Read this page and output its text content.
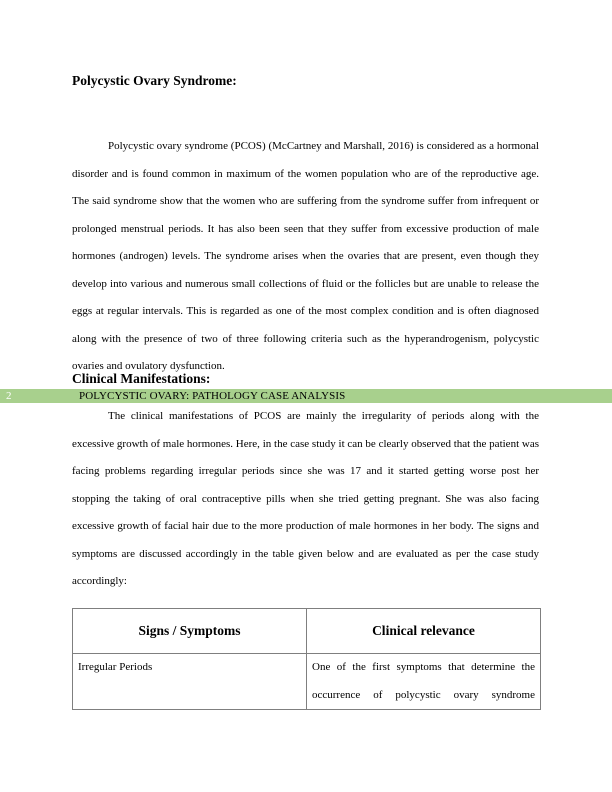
Polycystic Ovary Syndrome:

Polycystic ovary syndrome (PCOS) (McCartney and Marshall, 2016) is considered as a hormonal disorder and is found common in maximum of the women population who are of the reproductive age. The said syndrome show that the women who are suffering from the syndrome suffer from infrequent or prolonged menstrual periods. It has also been seen that they suffer from excessive production of male hormones (androgen) levels. The syndrome arises when the ovaries that are present, even though they develop into various and numerous small collections of fluid or the follicles but are unable to release the eggs at regular intervals. This is regarded as one of the most complex condition and is often diagnosed along with the presence of two of three following criteria such as the hyperandrogenism, polycystic ovaries and ovulatory dysfunction.

Clinical Manifestations:
2	POLYCYSTIC OVARY: PATHOLOGY CASE ANALYSIS

The clinical manifestations of PCOS are mainly the irregularity of periods along with the excessive growth of male hormones. Here, in the case study it can be clearly observed that the patient was facing problems regarding irregular periods since she was 17 and it started getting worse post her stopping the taking of oral contraceptive pills when she tried getting pregnant. She was also facing excessive growth of facial hair due to the more production of male hormones in her body. The signs and symptoms are discussed accordingly in the table given below and are evaluated as per the case study accordingly:

Signs / Symptoms	Clinical relevance
Irregular Periods	One of the first symptoms that determine the occurrence of polycystic ovary syndrome
